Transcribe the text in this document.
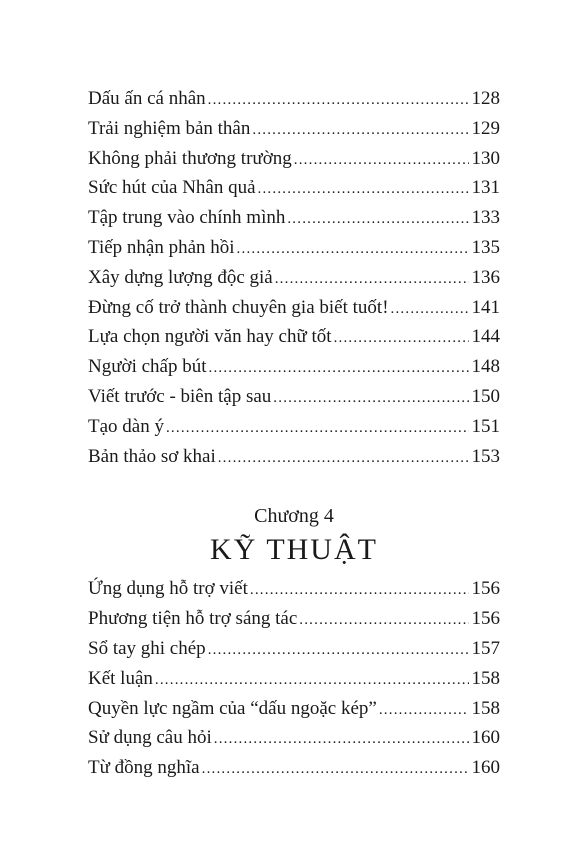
Dấu ấn cá nhân .....	128
Trải nghiệm bản thân .....	129
Không phải thương trường .....	130
Sức hút của Nhân quả .....	131
Tập trung vào chính mình .....	133
Tiếp nhận phản hồi .....	135
Xây dựng lượng độc giả .....	136
Đừng cố trở thành chuyên gia biết tuốt! .....	141
Lựa chọn người văn hay chữ tốt .....	144
Người chấp bút .....	148
Viết trước - biên tập sau .....	150
Tạo dàn ý .....	151
Bản thảo sơ khai .....	153
Chương 4
KỸ THUẬT
Ứng dụng hỗ trợ viết .....	156
Phương tiện hỗ trợ sáng tác .....	156
Sổ tay ghi chép .....	157
Kết luận .....	158
Quyền lực ngầm của “dấu ngoặc kép” .....	158
Sử dụng câu hỏi .....	160
Từ đồng nghĩa .....	160
